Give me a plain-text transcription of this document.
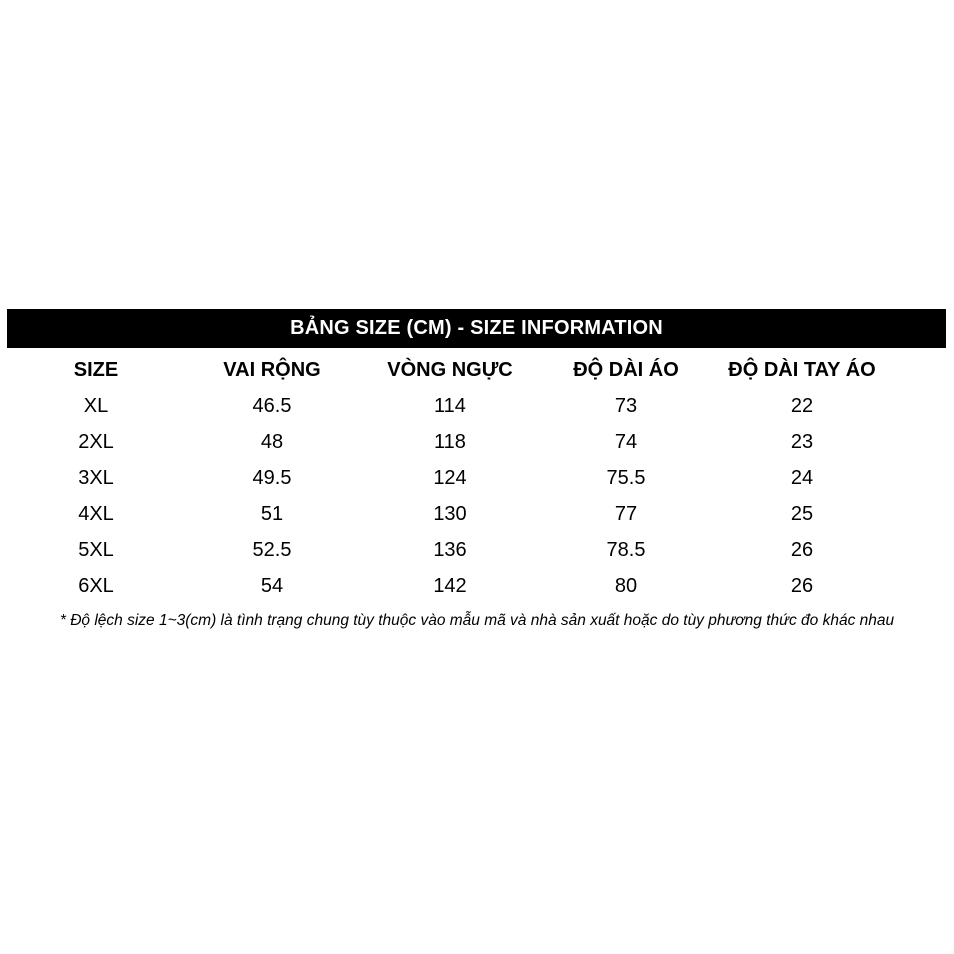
BẢNG SIZE (CM) - SIZE INFORMATION
SIZE	VAI RỘNG	VÒNG NGỰC	ĐỘ DÀI ÁO	ĐỘ DÀI TAY ÁO
XL	46.5	114	73	22
2XL	48	118	74	23
3XL	49.5	124	75.5	24
4XL	51	130	77	25
5XL	52.5	136	78.5	26
6XL	54	142	80	26
* Độ lệch size 1~3(cm) là tình trạng chung tùy thuộc vào mẫu mã và nhà sản xuất hoặc do tùy phương thức đo khác nhau
